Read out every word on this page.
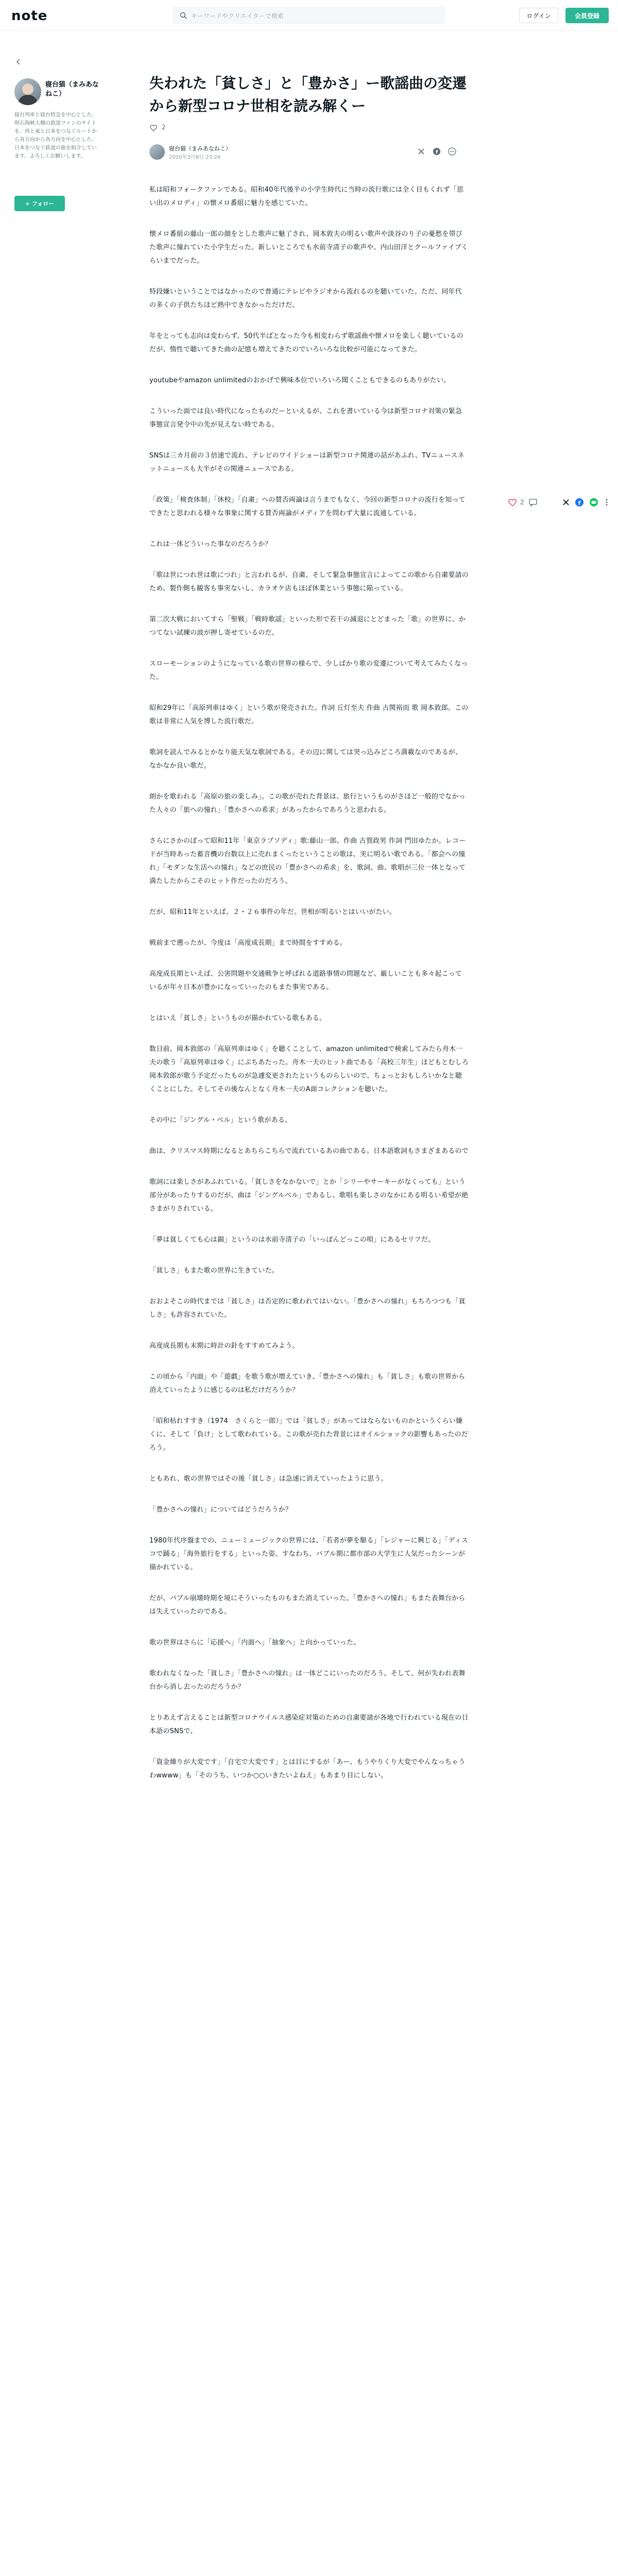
note
キーワードやクリエイターで検索	ログイン	会員登録
寝台猫（まみあなねこ）
寝台列車と寝台特急を中心とした、明石海峡大橋の鉄道ファンのサイトを、西と東と日本をつなぐルートから各方向から各方向を中心とした、日本をつなぐ鉄道の旅を紹介しています。よろしくお願いします。
+ フォロー
失われた「貧しさ」と「豊かさ」ー歌謡曲の変遷から新型コロナ世相を読み解くー
2
寝台猫（まみあなねこ）
2020年3月8日 23:24
f

私は昭和フォークファンである。昭和40年代後半の小学生時代に当時の流行歌には全く目もくれず「思い出のメロディ」の懐メロ番組に魅力を感じていた。

懐メロ番組の藤山一郎の顔をとした歌声に魅了され、岡本敦夫の明るい歌声や淡谷のり子の憂愁を帯びた歌声に憧れていた小学生だった。新しいところでも水前寺清子の歌声や、内山田洋とクールファイブくらいまでだった。

特段嫌いということではなかったので普通にテレビやラジオから流れるのを聴いていた。ただ、同年代の多くの子供たちほど熱中できなかっただけだ。

年をとっても志向は変わらず、50代半ばとなった今も相変わらず歌謡曲や懐メロを楽しく聴いているのだが、惰性で聴いてきた曲の記憶も増えてきたのでいろいろな比較が可能になってきた。

youtubeやamazon unlimitedのおかげで興味本位でいろいろ聞くこともできるのもありがたい。

こういった面では良い時代になったものだーといえるが、これを書いている今は新型コロナ対策の緊急事態宣言発令中の先が見えない時である。

SNSは三カ月前の３倍速で流れ、テレビのワイドショーは新型コロナ関連の話があふれ、TVニュースネットニュースも大半がその関連ニュースである。

「政策」「検査体制」「休校」「自粛」への賛否両論は言うまでもなく、今回の新型コロナの流行を知ってできたと思われる様々な事象に関する賛否両論がメディアを問わず大量に流通している。

これは一体どういった事なのだろうか？

「歌は世につれ世は歌につれ」と言われるが、自粛、そして緊急事態宣言によってこの歌から自粛要請のため、製作側も観客も事実ないし、カラオケ店もほぼ休業という事態に陥っている。

第二次大戦においてすら「聖戦」「戦時歌謡」といった形で若干の減退にとどまった「歌」の世界に、かつてない試練の波が押し寄せているのだ。

スローモーションのようになっている歌の世界の様らで、少しばかり歌の変遷について考えてみたくなった。

昭和29年に「高原列車はゆく」という歌が発売された。作詞 丘灯至夫 作曲 古関裕而 歌 岡本敦郎。この歌は非常に人気を博した流行歌だ。

歌詞を読んでみるとかなり能天気な歌詞である。その辺に関しては突っ込みどころ満載なのであるが、なかなか良い歌だ。

朗かを歌われる「高原の旅の楽しみ」。この歌が売れた背景は、旅行というものがさほど一般的でなかった人々の「旅への憧れ」「豊かさへの希求」があったからであろうと思われる。

さらにさかのぼって昭和11年「東京ラプソディ」歌:藤山一郎、作曲 古賀政男 作詞 門田ゆたか。レコードが当時あった蓄音機の台数以上に売れまくったということの歌は、実に明るい歌である。「都会への憧れ」「モダンな生活への憧れ」などの庶民の「豊かさへの希求」を、歌詞、曲、歌唱が三位一体となって満たしたからこそのヒット作だったのだろう。

だが、昭和11年といえば、２・２６事件の年だ。世相が明るいとはいいがたい。

戦前まで遡ったが、今度は「高度成長期」まで時間をすすめる。

高度成長期といえば、公害問題や交通戦争と呼ばれる道路事情の問題など、厳しいことも多々起こっているが年々日本が豊かになっていったのもまた事実である。

とはいえ「貧しさ」というものが描かれている歌もある。

数日前、岡本敦郎の「高原列車はゆく」を聴くことして、amazon unlimitedで検索してみたら舟木一夫の歌う「高原列車はゆく」にぶちあたった。舟木一夫のヒット曲である「高校三年生」ほどもとむしろ岡本敦郎が歌う予定だったものが急遽変更されたというものらしいので、ちょっとおもしろいかなと聴くことにした。そしてその後なんとなく舟木一夫のA面コレクションを聴いた。

その中に「ジングル・ベル」という歌がある。

曲は、クリスマス時期になるとあちらこちらで流れているあの曲である。日本語歌詞もさまざまあるので

歌詞には楽しさがあふれている。「貧しさをなかないで」とか「シリーやサーキーがなくっても」という部分があったりするのだが、曲は「ジングルベル」であるし、歌唱も楽しさのなかにある明るい希望が絶さまがりされている。

「夢は貧しくても心は錦」というのは水前寺清子の「いっぽんどっこの唄」にあるセリフだ。

「貧しさ」もまた歌の世界に生きていた。

おおよそこの時代までは「貧しさ」は否定的に歌われてはいない。「豊かさへの憧れ」もちろつつも「貧しさ」も許容されていた。

高度成長期も末期に時計の針をすすめてみよう。

この頃から「内面」や「遊戯」を歌う歌が増えていき、「豊かさへの憧れ」も「貧しさ」も歌の世界から消えていったように感じるのは私だけだろうか？

「昭和枯れすすき（1974　さくらと一郎）」では「貧しさ」があってはならないものかというくらい嫌くに、そして「負け」として歌われている。この歌が売れた背景にはオイルショックの影響もあったのだろう。

ともあれ、歌の世界ではその後「貧しさ」は急速に消えていったように思う。

「豊かさへの憧れ」についてはどうだろうか？

1980年代序盤までの、ニューミュージックの世界には、「若者が夢を駆る」「レジャーに興じる」「ディスコで踊る」「海外旅行をする」といった姿、すなわち、バブル期に都市部の大学生に人気だったシーンが描かれている。

だが、バブル崩壊時期を境にそういったものもまた消えていった。「豊かさへの憧れ」もまた表舞台からは失えていったのである。

歌の世界はさらに「応援へ」「内面へ」「抽象へ」と向かっていった。

歌われなくなった「貧しさ」「豊かさへの憧れ」は一体どこにいったのだろう。そして、何が失われ表舞台から消し去ったのだろうか？

とりあえず言えることは新型コロナウイルス感染症対策のための自粛要請が各地で行われている現在の日本語のSNSで、

「資金繰りが大変です」「自宅で大変です」とは目にするが「あー、もうやりくり大変でやんなっちゃうわwwww」も「そのうち、いつか○○いきたいよねえ」もあまり目にしない。

2	f
